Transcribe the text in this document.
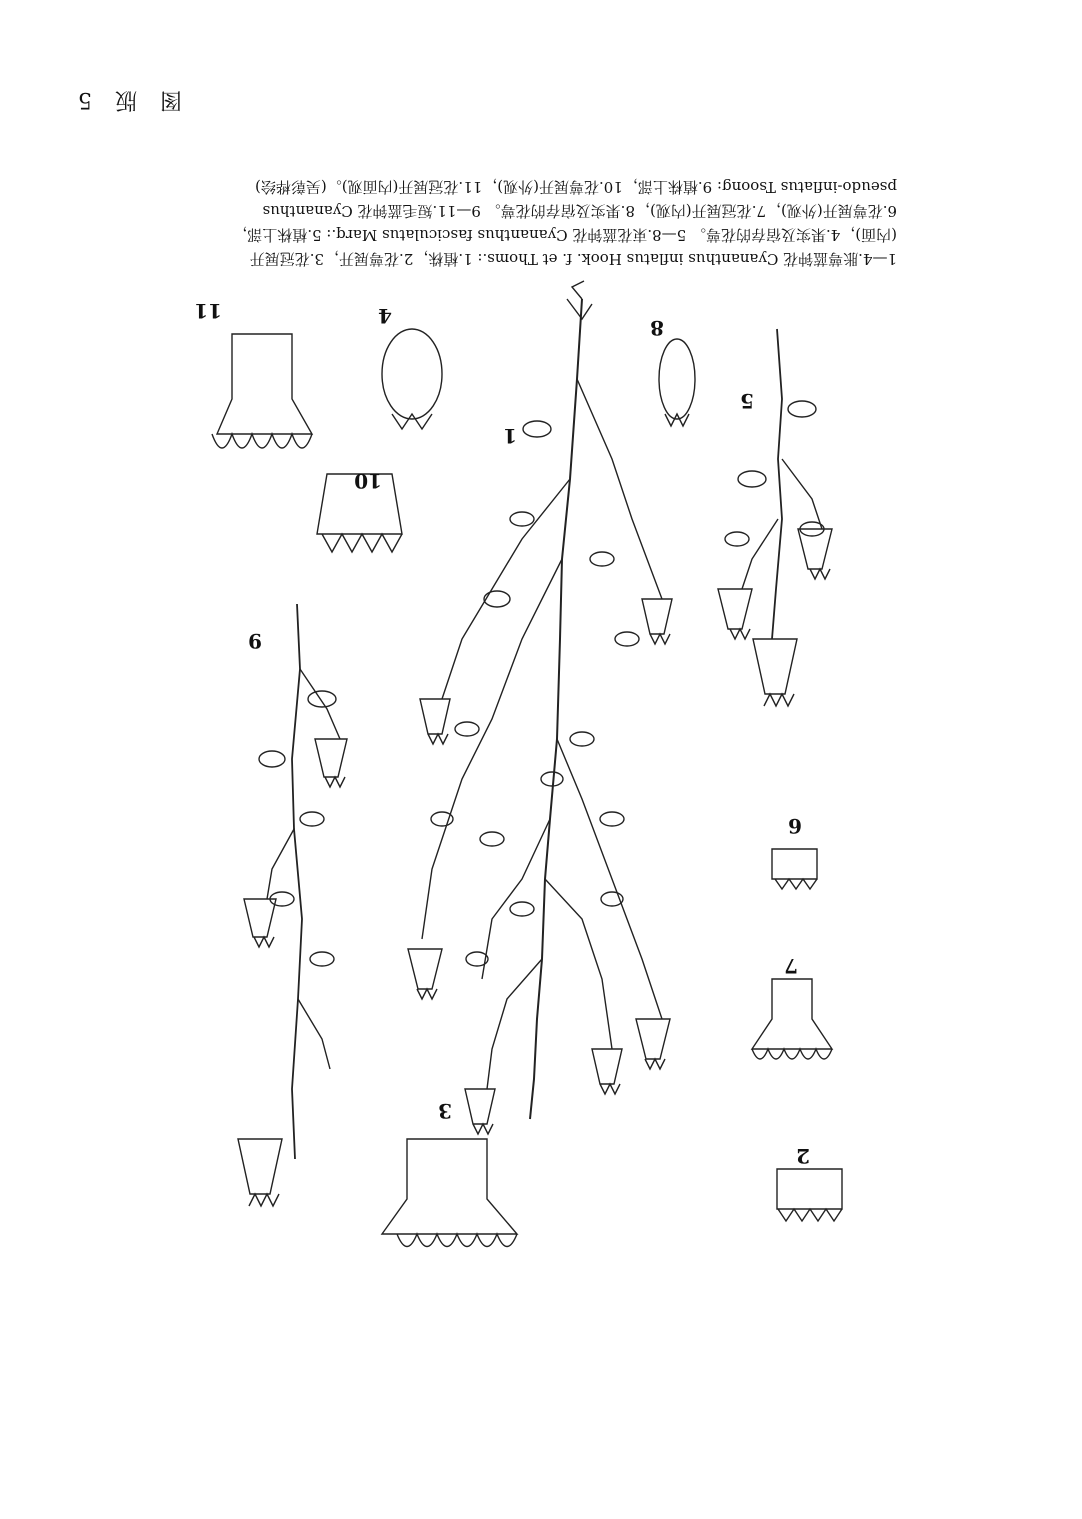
1
2
3
4
5
6
7
8
9
10
11
1—4.胀萼蓝钟花 Cyananthus inflatus Hook. f. et Thoms.: 1.植株，2.花萼展开，3.花冠展开
(内面)，4.果实及宿存的花萼。 5—8.束花蓝钟花 Cyananthus fasciculatus Marq.: 5.植株上部，
6.花萼展开(外观)，7.花冠展开(内观)，8.果实及宿存的花萼。 9—11.短毛蓝钟花 Cyananthus
pseudo-inflatus Tsoong: 9.植株上部，10.花萼展开(外观)，11.花冠展开(内面观)。(吴彰桦绘)
图 版 5
